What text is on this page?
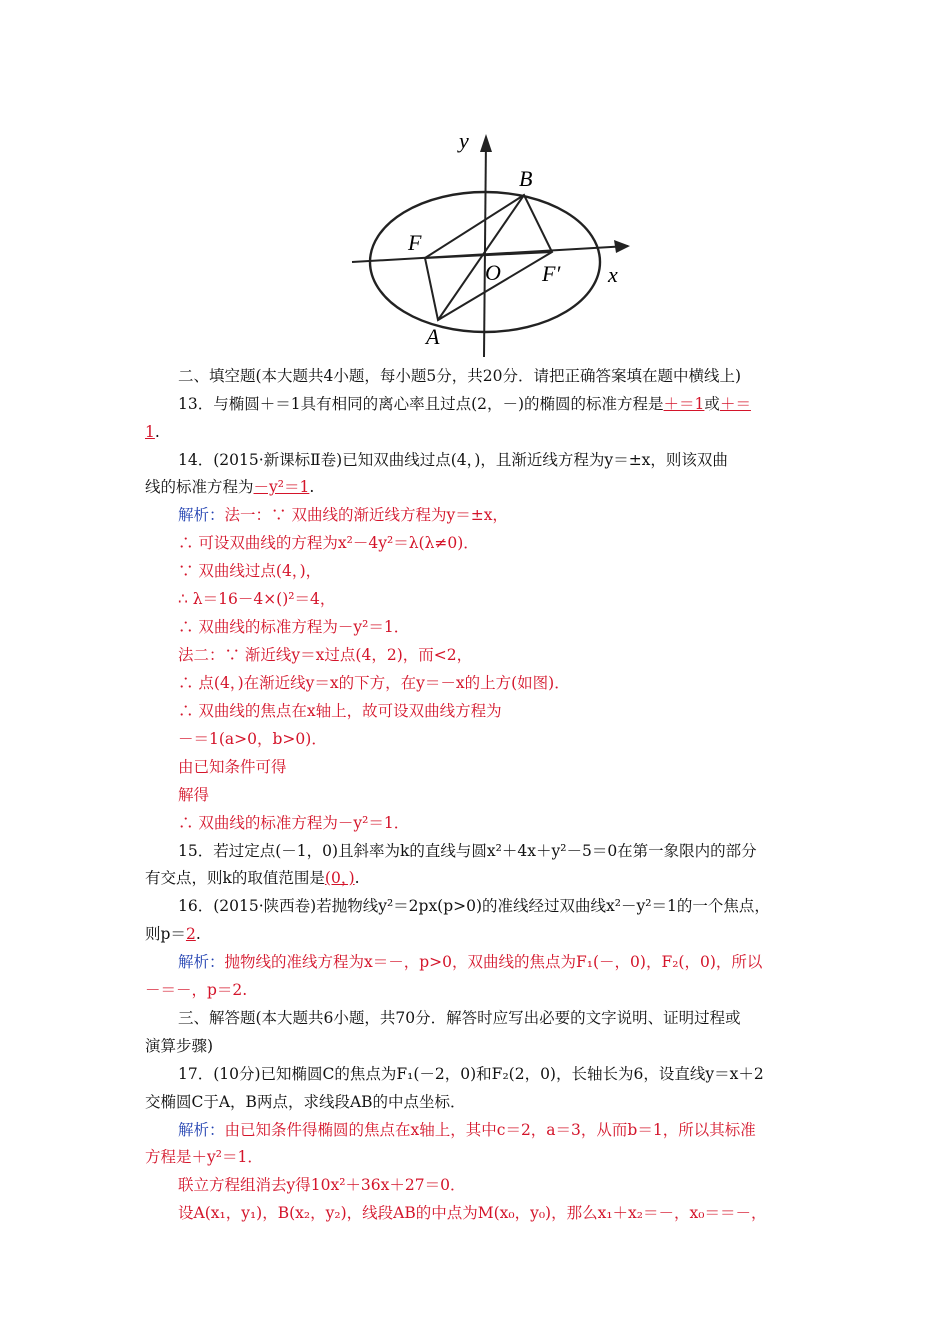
y
x
B
F
O F′
A
二、填空题(本大题共4小题，每小题5分，共20分．请把正确答案填在题中横线上)
13．与椭圆＋＝1具有相同的离心率且过点(2，－)的椭圆的标准方程是＋＝1或＋＝
1.
14．(2015·新课标Ⅱ卷)已知双曲线过点(4，)，且渐近线方程为y＝±x，则该双曲
线的标准方程为－y²＝1.
解析：法一：∵ 双曲线的渐近线方程为y＝±x，
∴ 可设双曲线的方程为x²－4y²＝λ(λ≠0)．
∵ 双曲线过点(4，)，
∴ λ＝16－4×()²＝4，
∴ 双曲线的标准方程为－y²＝1．
法二：∵ 渐近线y＝x过点(4，2)，而<2，
∴ 点(4，)在渐近线y＝x的下方，在y＝－x的上方(如图)．
∴ 双曲线的焦点在x轴上，故可设双曲线方程为
－＝1(a>0，b>0)．
由已知条件可得
解得
∴ 双曲线的标准方程为－y²＝1．
15．若过定点(－1，0)且斜率为k的直线与圆x²＋4x＋y²－5＝0在第一象限内的部分
有交点，则k的取值范围是(0，).
16．(2015·陕西卷)若抛物线y²＝2px(p>0)的准线经过双曲线x²－y²＝1的一个焦点，
则p＝2.
解析：抛物线的准线方程为x＝－，p>0，双曲线的焦点为F₁(－，0)，F₂(，0)，所以
－＝－，p＝2.
三、解答题(本大题共6小题，共70分．解答时应写出必要的文字说明、证明过程或
演算步骤)
17．(10分)已知椭圆C的焦点为F₁(－2，0)和F₂(2，0)，长轴长为6，设直线y＝x＋2
交椭圆C于A，B两点，求线段AB的中点坐标．
解析：由已知条件得椭圆的焦点在x轴上，其中c＝2，a＝3，从而b＝1，所以其标准
方程是＋y²＝1．
联立方程组消去y得10x²＋36x＋27＝0．
设A(x₁，y₁)，B(x₂，y₂)，线段AB的中点为M(x₀，y₀)，那么x₁＋x₂＝－，x₀＝＝－，
